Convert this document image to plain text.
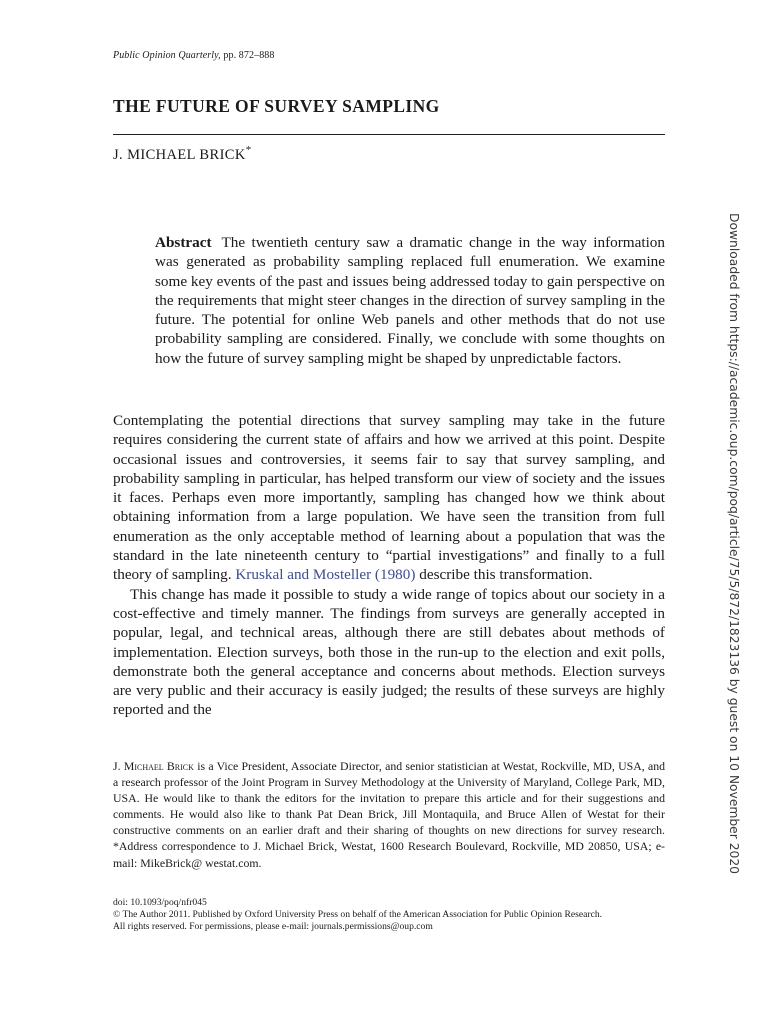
Public Opinion Quarterly, pp. 872–888
THE FUTURE OF SURVEY SAMPLING
J. MICHAEL BRICK*
Abstract The twentieth century saw a dramatic change in the way information was generated as probability sampling replaced full enumeration. We examine some key events of the past and issues being addressed today to gain perspective on the requirements that might steer changes in the direction of survey sampling in the future. The potential for online Web panels and other methods that do not use probability sampling are considered. Finally, we conclude with some thoughts on how the future of survey sampling might be shaped by unpredictable factors.

Contemplating the potential directions that survey sampling may take in the future requires considering the current state of affairs and how we arrived at this point. Despite occasional issues and controversies, it seems fair to say that survey sampling, and probability sampling in particular, has helped transform our view of society and the issues it faces. Perhaps even more importantly, sampling has changed how we think about obtaining information from a large population. We have seen the transition from full enumeration as the only acceptable method of learning about a population that was the standard in the late nineteenth century to “partial investigations” and finally to a full theory of sampling. Kruskal and Mosteller (1980) describe this transformation.

This change has made it possible to study a wide range of topics about our society in a cost-effective and timely manner. The findings from surveys are generally accepted in popular, legal, and technical areas, although there are still debates about methods of implementation. Election surveys, both those in the run-up to the election and exit polls, demonstrate both the general acceptance and concerns about methods. Election surveys are very public and their accuracy is easily judged; the results of these surveys are highly reported and the

J. Michael Brick is a Vice President, Associate Director, and senior statistician at Westat, Rockville, MD, USA, and a research professor of the Joint Program in Survey Methodology at the University of Maryland, College Park, MD, USA. He would like to thank the editors for the invitation to prepare this article and for their suggestions and comments. He would also like to thank Pat Dean Brick, Jill Montaquila, and Bruce Allen of Westat for their constructive comments on an earlier draft and their sharing of thoughts on new directions for survey research. *Address correspondence to J. Michael Brick, Westat, 1600 Research Boulevard, Rockville, MD 20850, USA; e-mail: MikeBrick@ westat.com.
doi: 10.1093/poq/nfr045
© The Author 2011. Published by Oxford University Press on behalf of the American Association for Public Opinion Research.
All rights reserved. For permissions, please e-mail: journals.permissions@oup.com
Downloaded from https://academic.oup.com/poq/article/75/5/872/1823136 by guest on 10 November 2020
